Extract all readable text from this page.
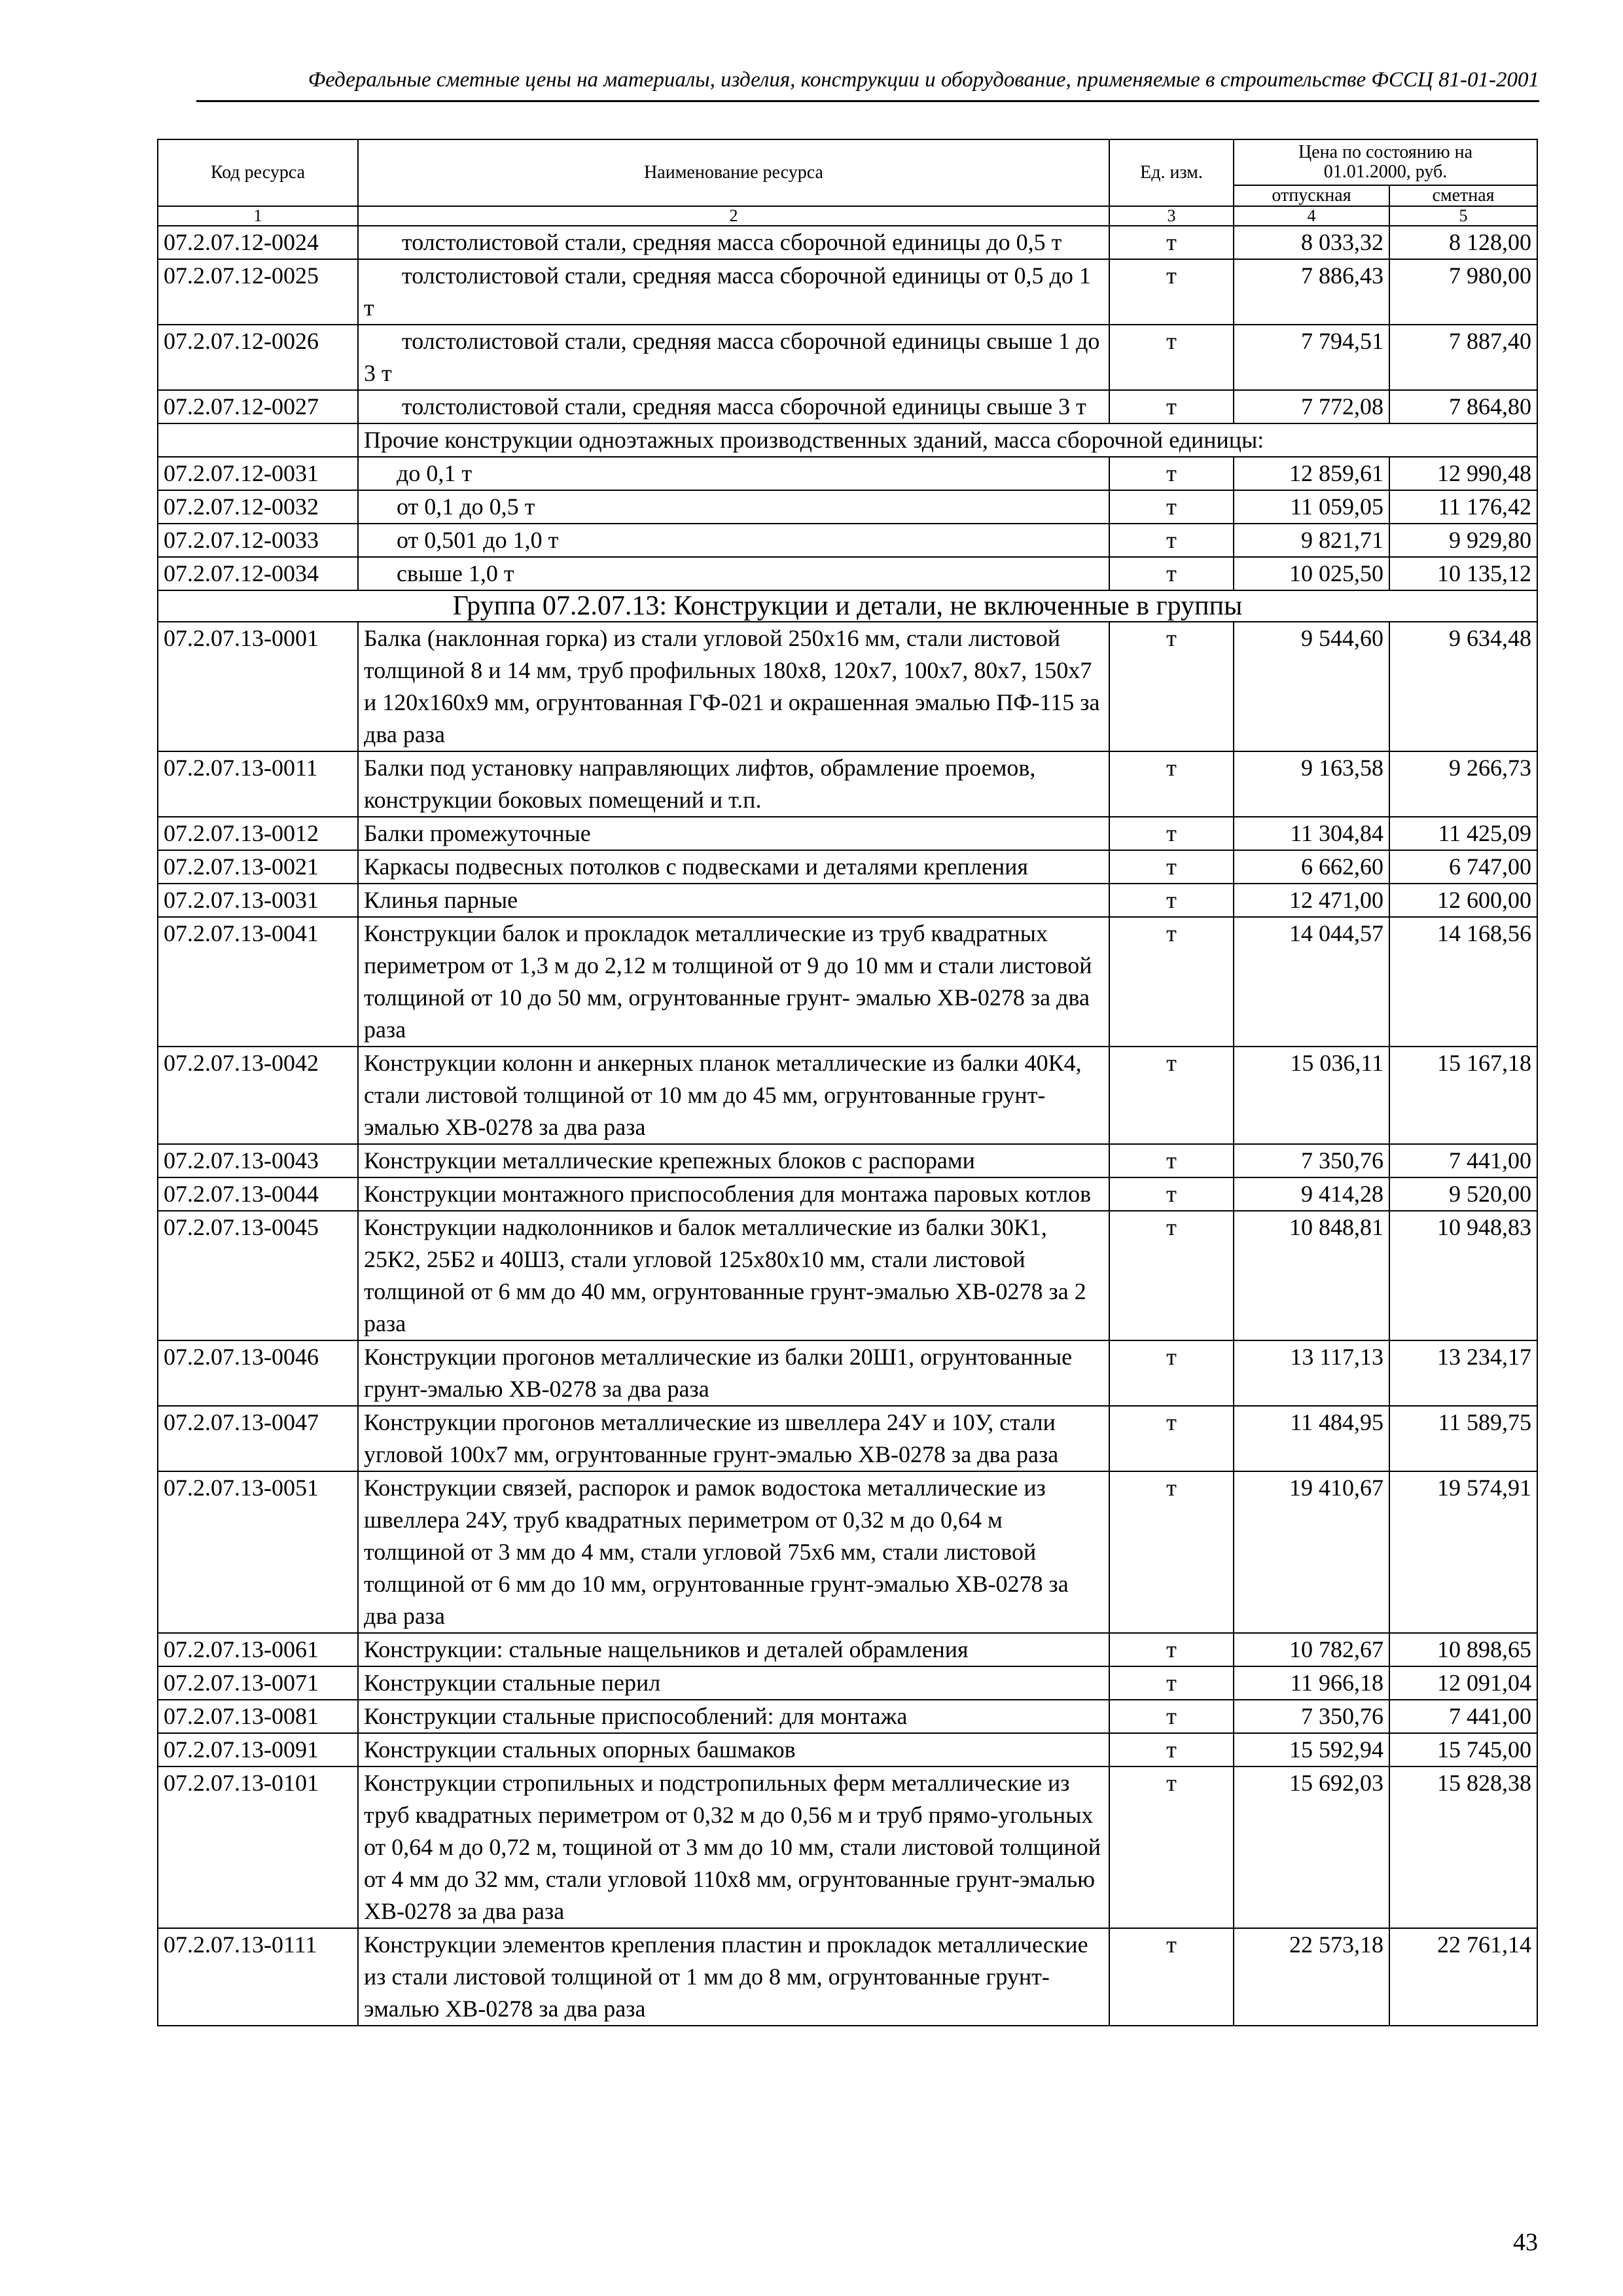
Федеральные сметные цены на материалы, изделия, конструкции и оборудование, применяемые в строительстве ФССЦ 81-01-2001
Код ресурса	Наименование ресурса	Ед. изм.	Цена по состоянию на 01.01.2000, руб.	
			отпускная	сметная
1	2	3	4	5
07.2.07.12-0024	толстолистовой стали, средняя масса сборочной единицы до 0,5 т	т	8 033,32	8 128,00
07.2.07.12-0025	толстолистовой стали, средняя масса сборочной единицы от 0,5 до 1 т	т	7 886,43	7 980,00
07.2.07.12-0026	толстолистовой стали, средняя масса сборочной единицы свыше 1 до 3 т	т	7 794,51	7 887,40
07.2.07.12-0027	толстолистовой стали, средняя масса сборочной единицы свыше 3 т	т	7 772,08	7 864,80
	Прочие конструкции одноэтажных производственных зданий, масса сборочной единицы:			
07.2.07.12-0031	до 0,1 т	т	12 859,61	12 990,48
07.2.07.12-0032	от 0,1 до 0,5 т	т	11 059,05	11 176,42
07.2.07.12-0033	от 0,501 до 1,0 т	т	9 821,71	9 929,80
07.2.07.12-0034	свыше 1,0 т	т	10 025,50	10 135,12
Группа 07.2.07.13: Конструкции и детали, не включенные в группы				
07.2.07.13-0001	Балка (наклонная горка) из стали угловой 250х16 мм, стали листовой толщиной 8 и 14 мм, труб профильных 180х8, 120х7, 100х7, 80х7, 150х7 и 120х160х9 мм, огрунтованная ГФ-021 и окрашенная эмалью ПФ-115 за два раза	т	9 544,60	9 634,48
07.2.07.13-0011	Балки под установку направляющих лифтов, обрамление проемов, конструкции боковых помещений и т.п.	т	9 163,58	9 266,73
07.2.07.13-0012	Балки промежуточные	т	11 304,84	11 425,09
07.2.07.13-0021	Каркасы подвесных потолков с подвесками и деталями крепления	т	6 662,60	6 747,00
07.2.07.13-0031	Клинья парные	т	12 471,00	12 600,00
07.2.07.13-0041	Конструкции балок и прокладок металлические из труб квадратных периметром от 1,3 м до 2,12 м толщиной от 9 до 10 мм и стали листовой толщиной от 10 до 50 мм, огрунтованные грунт- эмалью ХВ-0278 за два раза	т	14 044,57	14 168,56
07.2.07.13-0042	Конструкции колонн и анкерных планок металлические из балки 40К4, стали листовой толщиной от 10 мм до 45 мм, огрунтованные грунт-эмалью ХВ-0278 за два раза	т	15 036,11	15 167,18
07.2.07.13-0043	Конструкции металлические крепежных блоков с распорами	т	7 350,76	7 441,00
07.2.07.13-0044	Конструкции монтажного приспособления для монтажа паровых котлов	т	9 414,28	9 520,00
07.2.07.13-0045	Конструкции надколонников и балок металлические из балки 30К1, 25К2, 25Б2 и 40Ш3, стали угловой 125х80х10 мм, стали листовой толщиной от 6 мм до 40 мм, огрунтованные грунт-эмалью ХВ-0278 за 2 раза	т	10 848,81	10 948,83
07.2.07.13-0046	Конструкции прогонов металлические из балки 20Ш1, огрунтованные грунт-эмалью ХВ-0278 за два раза	т	13 117,13	13 234,17
07.2.07.13-0047	Конструкции прогонов металлические из швеллера 24У и 10У, стали угловой 100х7 мм, огрунтованные грунт-эмалью ХВ-0278 за два раза	т	11 484,95	11 589,75
07.2.07.13-0051	Конструкции связей, распорок и рамок водостока металлические из швеллера 24У, труб квадратных периметром от 0,32 м до 0,64 м толщиной от 3 мм до 4 мм, стали угловой 75х6 мм, стали листовой толщиной от 6 мм до 10 мм, огрунтованные грунт-эмалью ХВ-0278 за два раза	т	19 410,67	19 574,91
07.2.07.13-0061	Конструкции: стальные нащельников и деталей обрамления	т	10 782,67	10 898,65
07.2.07.13-0071	Конструкции стальные перил	т	11 966,18	12 091,04
07.2.07.13-0081	Конструкции стальные приспособлений: для монтажа	т	7 350,76	7 441,00
07.2.07.13-0091	Конструкции стальных опорных башмаков	т	15 592,94	15 745,00
07.2.07.13-0101	Конструкции стропильных и подстропильных ферм металлические из труб квадратных периметром от 0,32 м до 0,56 м и труб прямо-угольных от 0,64 м до 0,72 м, тощиной от 3 мм до 10 мм, стали листовой толщиной от 4 мм до 32 мм, стали угловой 110х8 мм, огрунтованные грунт-эмалью ХВ-0278 за два раза	т	15 692,03	15 828,38
07.2.07.13-0111	Конструкции элементов крепления пластин и прокладок металлические из стали листовой толщиной от 1 мм до 8 мм, огрунтованные грунт-эмалью ХВ-0278 за два раза	т	22 573,18	22 761,14
43
